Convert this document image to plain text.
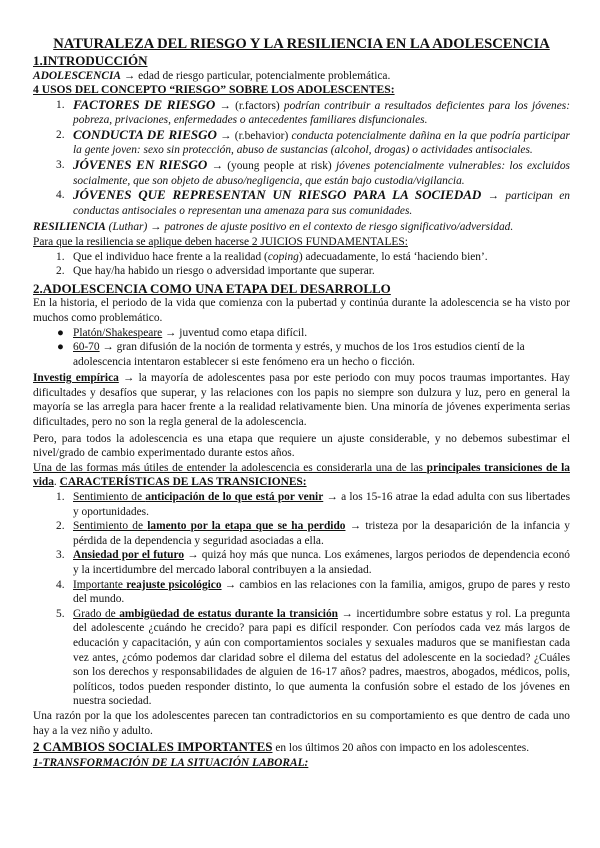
NATURALEZA DEL RIESGO Y LA RESILIENCIA EN LA ADOLESCENCIA
1.INTRODUCCIÓN

ADOLESCENCIA → edad de riesgo particular, potencialmente problemática.

4 USOS DEL CONCEPTO “RIESGO” SOBRE LOS ADOLESCENTES:
1. FACTORES DE RIESGO → (r.factors) podrían contribuir a resultados deficientes para los jóvenes: pobreza, privaciones, enfermedades o antecedentes familiares disfuncionales.
2. CONDUCTA DE RIESGO → (r.behavior) conducta potencialmente dañina en la que podría participar la gente joven: sexo sin protección, abuso de sustancias (alcohol, drogas) o actividades antisociales.
3. JÓVENES EN RIESGO → (young people at risk) jóvenes potencialmente vulnerables: los excluidos socialmente, que son objeto de abuso/negligencia, que están bajo custodia/vigilancia.
4. JÓVENES QUE REPRESENTAN UN RIESGO PARA LA SOCIEDAD → participan en conductas antisociales o representan una amenaza para sus comunidades.

RESILIENCIA (Luthar) → patrones de ajuste positivo en el contexto de riesgo significativo/adversidad.

Para que la resiliencia se aplique deben hacerse 2 JUICIOS FUNDAMENTALES:

1. Que el individuo hace frente a la realidad (coping) adecuadamente, lo está ‘haciendo bien’.
2. Que hay/ha habido un riesgo o adversidad importante que superar.
2.ADOLESCENCIA COMO UNA ETAPA DEL DESARROLLO

En la historia, el periodo de la vida que comienza con la pubertad y continúa durante la adolescencia se ha visto por muchos como problemático.

● Platón/Shakespeare → juventud como etapa difícil.
● 60-70 → gran difusión de la noción de tormenta y estrés, y muchos de los 1ros estudios cientí de la adolescencia intentaron establecer si este fenómeno era un hecho o ficción.

Investig empírica → la mayoría de adolescentes pasa por este periodo con muy pocos traumas importantes. Hay dificultades y desafíos que superar, y las relaciones con los papis no siempre son dulzura y luz, pero en general la mayoría se las arregla para hacer frente a la realidad relativamente bien. Una minoría de jóvenes experimenta serias dificultades, pero no son la regla general de la adolescencia.

Pero, para todos la adolescencia es una etapa que requiere un ajuste considerable, y no debemos subestimar el nivel/grado de cambio experimentado durante estos años.

Una de las formas más útiles de entender la adolescencia es considerarla una de las principales transiciones de la vida. CARACTERÍSTICAS DE LAS TRANSICIONES:

1. Sentimiento de anticipación de lo que está por venir → a los 15-16 atrae la edad adulta con sus libertades y oportunidades.
2. Sentimiento de lamento por la etapa que se ha perdido → tristeza por la desaparición de la infancia y pérdida de la dependencia y seguridad asociadas a ella.
3. Ansiedad por el futuro → quizá hoy más que nunca. Los exámenes, largos periodos de dependencia econó y la incertidumbre del mercado laboral contribuyen a la ansiedad.
4. Importante reajuste psicológico → cambios en las relaciones con la familia, amigos, grupo de pares y resto del mundo.
5. Grado de ambigüedad de estatus durante la transición → incertidumbre sobre estatus y rol. La pregunta del adolescente ¿cuándo he crecido? para papi es difícil responder. Con períodos cada vez más largos de educación y capacitación, y aún con comportamientos sociales y sexuales maduros que se manifiestan cada vez antes, ¿cómo podemos dar claridad sobre el dilema del estatus del adolescente en la sociedad? ¿Cuáles son los derechos y responsabilidades de alguien de 16-17 años? padres, maestros, abogados, médicos, polis, políticos, todos pueden responder distinto, lo que aumenta la confusión sobre el estado de los jóvenes en nuestra sociedad.

Una razón por la que los adolescentes parecen tan contradictorios en su comportamiento es que dentro de cada uno hay a la vez niño y adulto.

2 CAMBIOS SOCIALES IMPORTANTES en los últimos 20 años con impacto en los adolescentes.

1-TRANSFORMACIÓN DE LA SITUACIÓN LABORAL:
